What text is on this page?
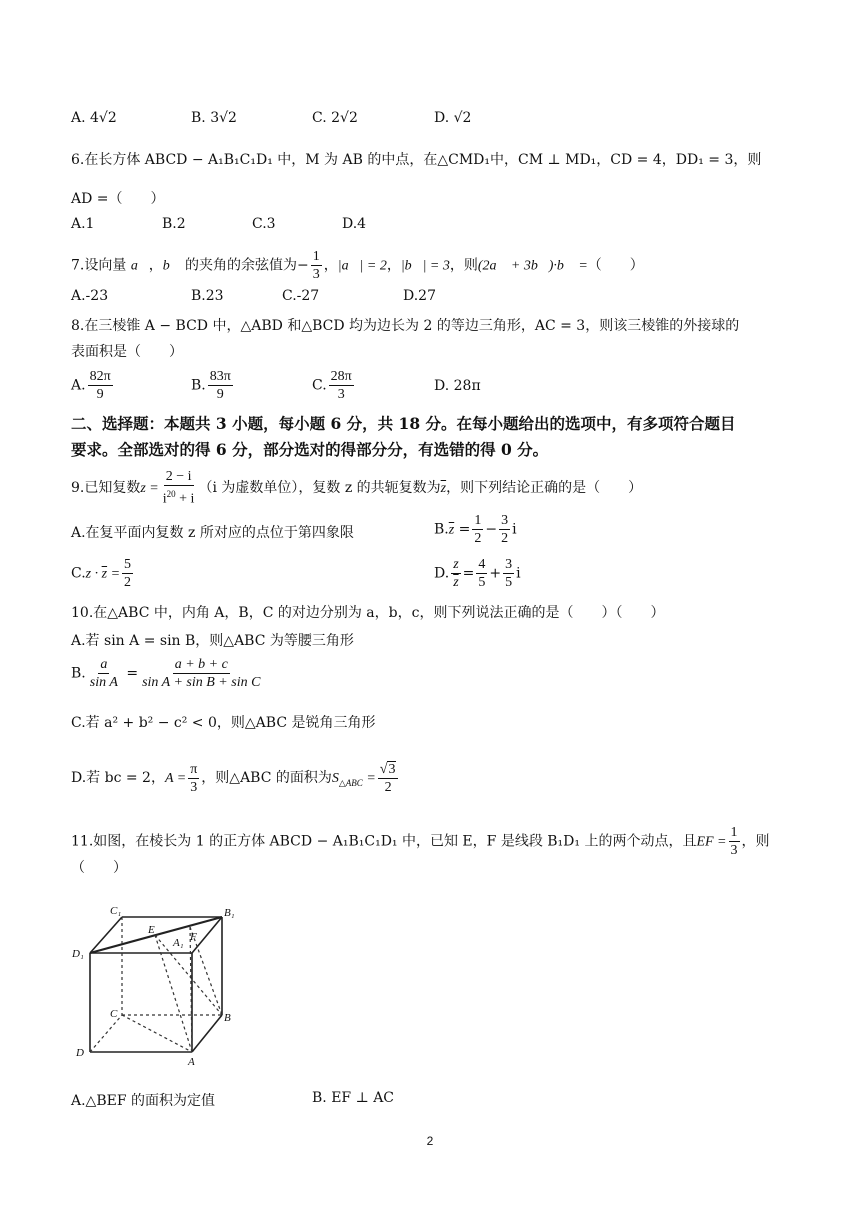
A. 4√2	B. 3√2	C. 2√2	D. √2
6.在长方体 ABCD − A₁B₁C₁D₁ 中，M 为 AB 的中点，在△CMD₁中，CM ⊥ MD₁，CD = 4，DD₁ = 3，则
AD =（　　）
A.1	B.2	C.3	D.4
7.设向量 a⃗，b⃗ 的夹角的余弦值为− $\frac{1}{3}$ ，|a⃗| = 2，|b⃗| = 3，则(2a⃗ + 3b⃗)·b⃗ =（　　）
A.-23	B.23	C.-27	D.27
8.在三棱锥 A − BCD 中，△ABD 和△BCD 均为边长为 2 的等边三角形，AC = 3，则该三棱锥的外接球的
表面积是（　　）
A. $\frac{82\pi}{9}$	B. $\frac{83\pi}{9}$	C. $\frac{28\pi}{3}$	D. 28π
二、选择题：本题共 3 小题，每小题 6 分，共 18 分。在每小题给出的选项中，有多项符合题目
要求。全部选对的得 6 分，部分选对的得部分分，有选错的得 0 分。
9.已知复数$z = \frac{2 - i}{i^{20} + i} (i$ 为虚数单位），复数 z 的共轭复数为$\overline{z}$，则下列结论正确的是（　　）
A.在复平面内复数 z 所对应的点位于第四象限	$B.\overline{z} = \frac{1}{2} - \frac{3}{2}$ i
$C.z \cdot \overline{z} = \frac{5}{2}$	D. $\frac{z}{z} = \frac{4}{5} + \frac{3}{5}$ i
10.在△ABC 中，内角 A，B，C 的对边分别为 a，b，c，则下列说法正确的是（　　）（　　）
A.若 sin A = sin B，则△ABC 为等腰三角形
B. $\frac{a}{\text{sin A}} = \frac{a + b + c}{\text{sin A + sin B + sin C}}$
C.若 a² + b² − c² < 0，则△ABC 是锐角三角形
D.若 bc = 2，$A = \frac{\pi}{3}$ ，则△ABC 的面积为$S_{\triangle ABC} = \frac{√3}{2}$
11.如图，在棱长为 1 的正方体 ABCD − A₁B₁C₁D₁ 中，已知 E，F 是线段 B₁D₁ 上的两个动点，且EF = $\frac{1}{3}$ ，则
（　　）
C₁	B₁
D₁
E
A₁ F
C	B
D
A
A.△BEF 的面积为定值	B. EF ⊥ AC
2
